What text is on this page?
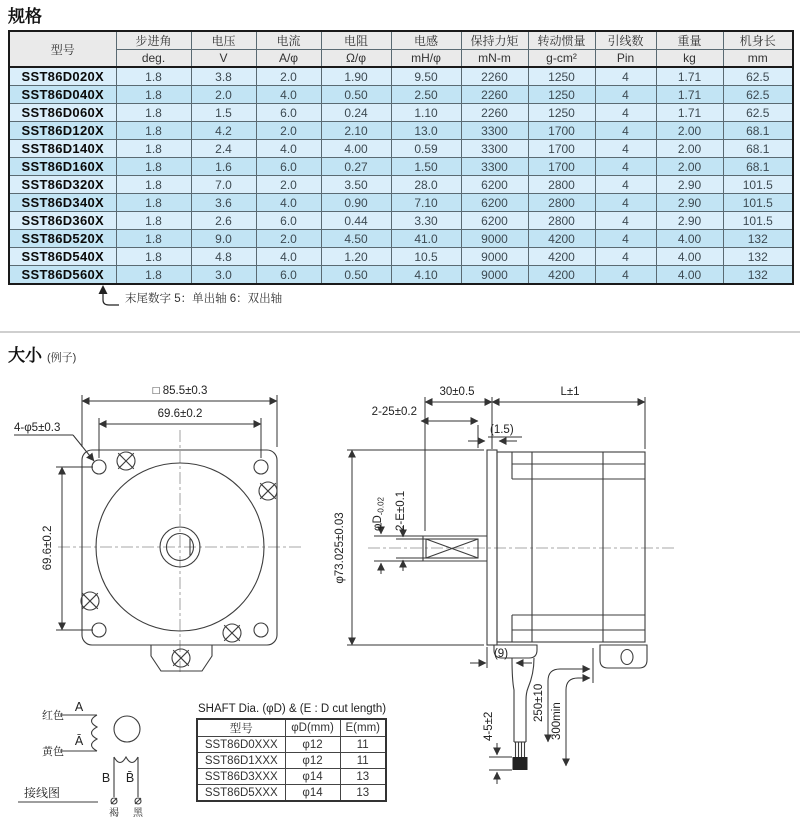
规格
型号	步进角	电压	电流	电阻	电感	保持力矩	转动惯量	引线数	重量	机身长
	deg.	V	A/φ	Ω/φ	mH/φ	mN-m	g-cm²	Pin	kg	mm
SST86D020X	1.8	3.8	2.0	1.90	9.50	2260	1250	4	1.71	62.5
SST86D040X	1.8	2.0	4.0	0.50	2.50	2260	1250	4	1.71	62.5
SST86D060X	1.8	1.5	6.0	0.24	1.10	2260	1250	4	1.71	62.5
SST86D120X	1.8	4.2	2.0	2.10	13.0	3300	1700	4	2.00	68.1
SST86D140X	1.8	2.4	4.0	4.00	0.59	3300	1700	4	2.00	68.1
SST86D160X	1.8	1.6	6.0	0.27	1.50	3300	1700	4	2.00	68.1
SST86D320X	1.8	7.0	2.0	3.50	28.0	6200	2800	4	2.90	101.5
SST86D340X	1.8	3.6	4.0	0.90	7.10	6200	2800	4	2.90	101.5
SST86D360X	1.8	2.6	6.0	0.44	3.30	6200	2800	4	2.90	101.5
SST86D520X	1.8	9.0	2.0	4.50	41.0	9000	4200	4	4.00	132
SST86D540X	1.8	4.8	4.0	1.20	10.5	9000	4200	4	4.00	132
SST86D560X	1.8	3.0	6.0	0.50	4.10	9000	4200	4	4.00	132
末尾数字 5：单出轴 6：双出轴
大小 (例子)
□ 85.5±0.3
69.6±0.2
4-φ5±0.3
69.6±0.2	φ73.025±0.03 $\varphi D_{-0.02}$ 2-E±0.1
2-25±0.2
30±0.5	L±1
(1.5)
(9)
4-5±2
250±10 300min
红色
A
Ā
黄色
B B̄
褐 黑
接线图
SHAFT Dia. (φD) & (E : D cut length)
型号	φD(mm)	E(mm)
SST86D0XXX	φ12	11
SST86D1XXX	φ12	11
SST86D3XXX	φ14	13
SST86D5XXX	φ14	13
